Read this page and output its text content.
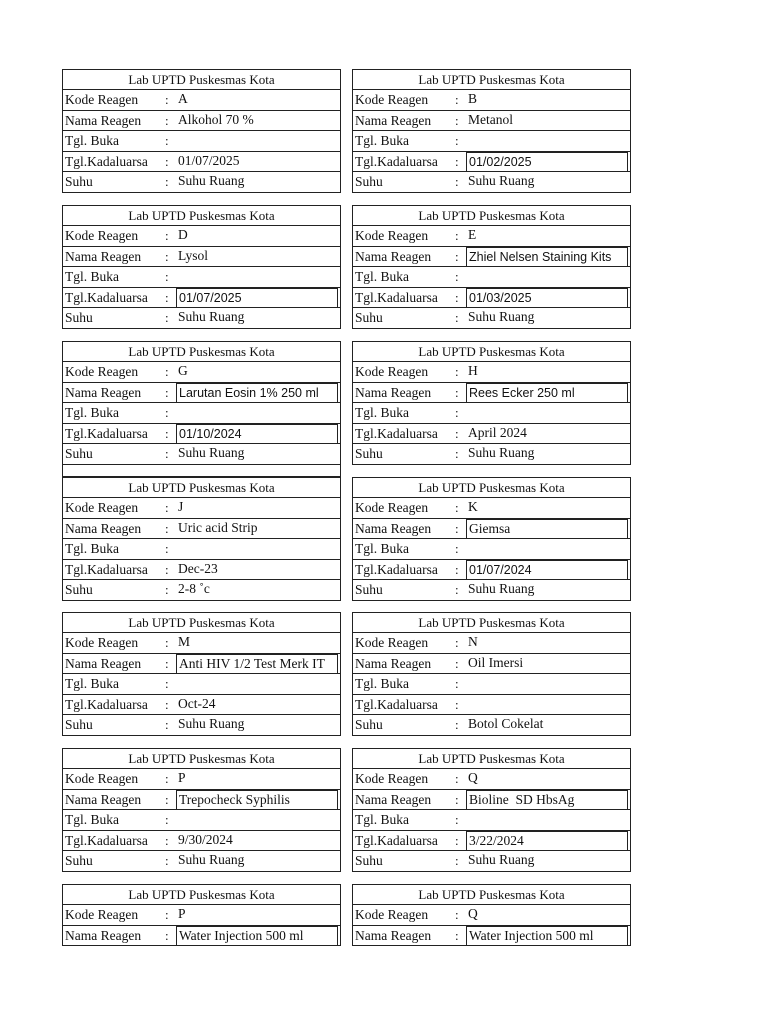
Lab UPTD Puskesmas Kota
Kode Reagen : A
Nama Reagen : Alkohol 70 %
Tgl. Buka	:
Tgl.Kadaluarsa : 01/07/2025
Suhu	: Suhu Ruang
Lab UPTD Puskesmas Kota
Kode Reagen : B
Nama Reagen : Metanol
Tgl. Buka	:
Tgl.Kadaluarsa : 01/02/2025
Suhu	: Suhu Ruang
Lab UPTD Puskesmas Kota
Kode Reagen : D
Nama Reagen : Lysol
Tgl. Buka	:
Tgl.Kadaluarsa : 01/07/2025
Suhu	: Suhu Ruang
Lab UPTD Puskesmas Kota
Kode Reagen : E
Nama Reagen : Zhiel Nelsen Staining Kits
Tgl. Buka	:
Tgl.Kadaluarsa : 01/03/2025
Suhu	: Suhu Ruang
Lab UPTD Puskesmas Kota
Kode Reagen : G
Nama Reagen : Larutan Eosin 1% 250 ml
Tgl. Buka	:
Tgl.Kadaluarsa : 01/10/2024
Suhu	: Suhu Ruang
Lab UPTD Puskesmas Kota
Kode Reagen : H
Nama Reagen : Rees Ecker 250 ml
Tgl. Buka	:
Tgl.Kadaluarsa : April 2024
Suhu	: Suhu Ruang
Lab UPTD Puskesmas Kota
Kode Reagen : J
Nama Reagen : Uric acid Strip
Tgl. Buka	:
Tgl.Kadaluarsa : Dec-23
Suhu	: 2-8 ˚c
Lab UPTD Puskesmas Kota
Kode Reagen : K
Nama Reagen : Giemsa
Tgl. Buka	:
Tgl.Kadaluarsa : 01/07/2024
Suhu	: Suhu Ruang
Lab UPTD Puskesmas Kota
Kode Reagen : M
Nama Reagen : Anti HIV 1/2 Test Merk IT
Tgl. Buka	:
Tgl.Kadaluarsa : Oct-24
Suhu	: Suhu Ruang
Lab UPTD Puskesmas Kota
Kode Reagen : N
Nama Reagen : Oil Imersi
Tgl. Buka	:
Tgl.Kadaluarsa :
Suhu	: Botol Cokelat
Lab UPTD Puskesmas Kota
Kode Reagen : P
Nama Reagen : Trepocheck Syphilis
Tgl. Buka	:
Tgl.Kadaluarsa : 9/30/2024
Suhu	: Suhu Ruang
Lab UPTD Puskesmas Kota
Kode Reagen : Q
Nama Reagen : Bioline  SD HbsAg
Tgl. Buka	:
Tgl.Kadaluarsa : 3/22/2024
Suhu	: Suhu Ruang
Lab UPTD Puskesmas Kota
Kode Reagen : P
Nama Reagen : Water Injection 500 ml
Lab UPTD Puskesmas Kota
Kode Reagen : Q
Nama Reagen : Water Injection 500 ml
